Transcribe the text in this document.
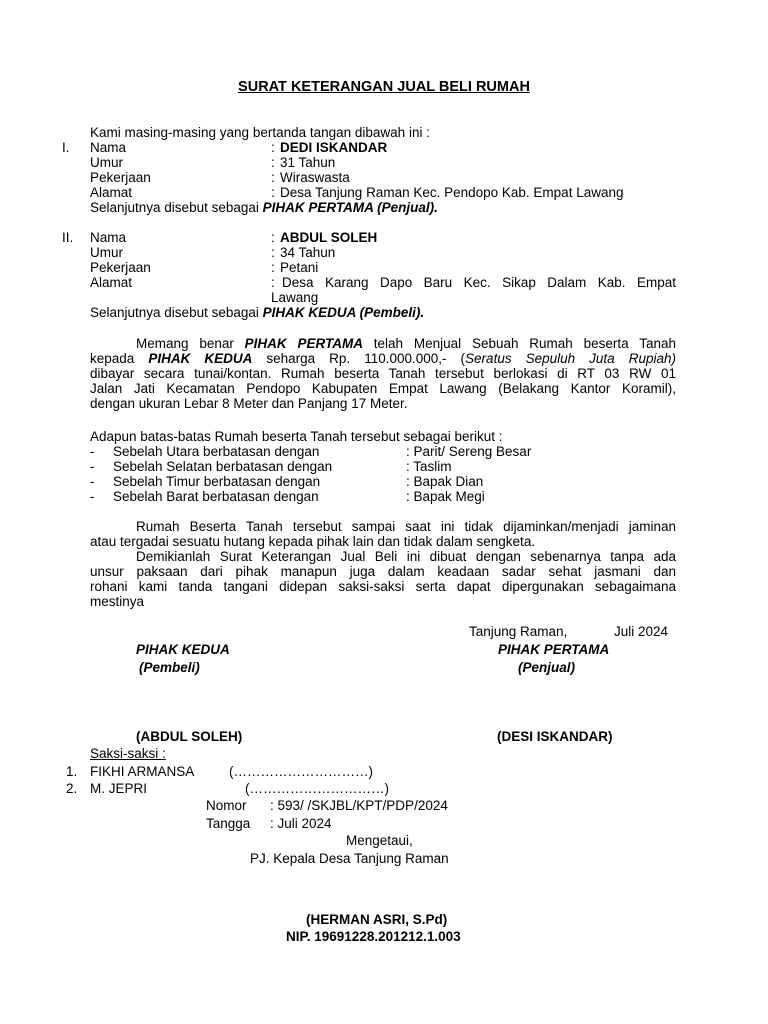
SURAT KETERANGAN JUAL BELI RUMAH
Kami masing-masing yang bertanda tangan dibawah ini :
I. Nama	: DEDI ISKANDAR
Umur	: 31 Tahun
Pekerjaan	: Wiraswasta
Alamat	: Desa Tanjung Raman Kec. Pendopo Kab. Empat Lawang
Selanjutnya disebut sebagai PIHAK PERTAMA (Penjual).
II. Nama	: ABDUL SOLEH
Umur	: 34 Tahun
Pekerjaan	: Petani
Alamat	: Desa Karang Dapo Baru Kec. Sikap Dalam Kab. Empat
Lawang
Selanjutnya disebut sebagai PIHAK KEDUA (Pembeli).
Memang benar PIHAK PERTAMA telah Menjual Sebuah Rumah beserta Tanah
kepada PIHAK KEDUA seharga Rp. 110.000.000,- (Seratus Sepuluh Juta Rupiah)
dibayar secara tunai/kontan. Rumah beserta Tanah tersebut berlokasi di RT 03 RW 01
Jalan Jati Kecamatan Pendopo Kabupaten Empat Lawang (Belakang Kantor Koramil),
dengan ukuran Lebar 8 Meter dan Panjang 17 Meter.
Adapun batas-batas Rumah beserta Tanah tersebut sebagai berikut :
- Sebelah Utara berbatasan dengan	: Parit/ Sereng Besar
- Sebelah Selatan berbatasan dengan	: Taslim
- Sebelah Timur berbatasan dengan	: Bapak Dian
- Sebelah Barat berbatasan dengan	: Bapak Megi
Rumah Beserta Tanah tersebut sampai saat ini tidak dijaminkan/menjadi jaminan
atau tergadai sesuatu hutang kepada pihak lain dan tidak dalam sengketa.
Demikianlah Surat Keterangan Jual Beli ini dibuat dengan sebenarnya tanpa ada
unsur paksaan dari pihak manapun juga dalam keadaan sadar sehat jasmani dan
rohani kami tanda tangani didepan saksi-saksi serta dapat dipergunakan sebagaimana
mestinya
Tanjung Raman,	Juli 2024
PIHAK KEDUA	PIHAK PERTAMA
(Pembeli)	(Penjual)
(ABDUL SOLEH)	(DESI ISKANDAR)
Saksi-saksi :
1. FIKHI ARMANSA	(…………………………)
2. M. JEPRI	(…………………………)
Nomor : 593/ /SKJBL/KPT/PDP/2024
Tangga : Juli 2024
Mengetaui,
PJ. Kepala Desa Tanjung Raman
(HERMAN ASRI, S.Pd)
NIP. 19691228.201212.1.003
